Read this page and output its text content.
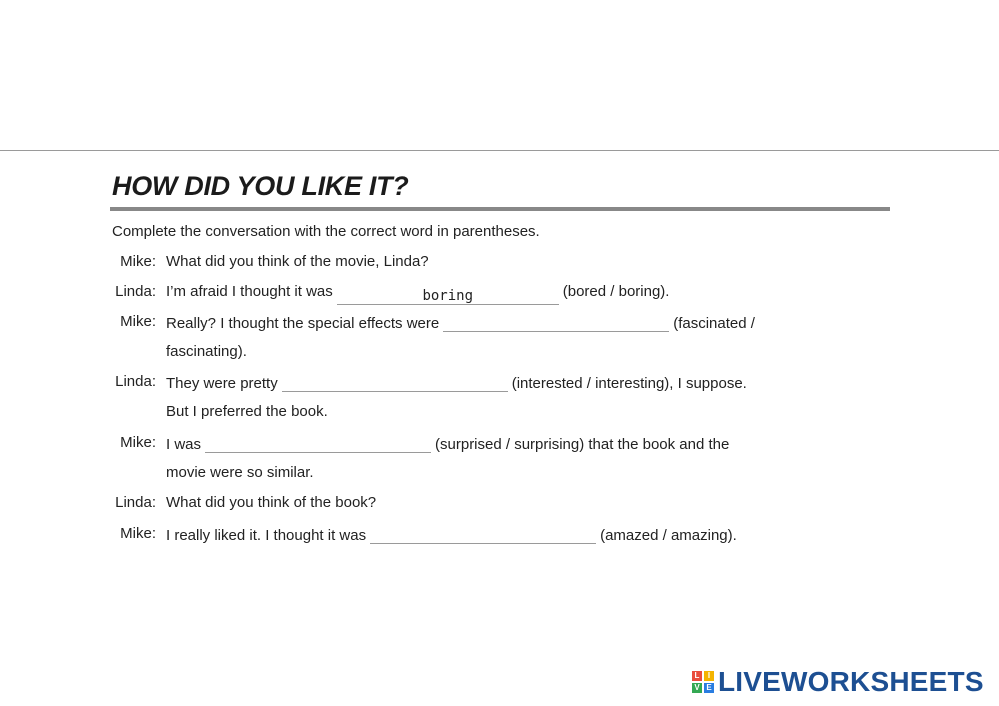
HOW DID YOU LIKE IT?
Complete the conversation with the correct word in parentheses.
Mike: What did you think of the movie, Linda?
Linda: I’m afraid I thought it was	boring	(bored / boring).
Mike: Really? I thought the special effects were	(fascinated /
fascinating).
Linda: They were pretty	(interested / interesting), I suppose.
But I preferred the book.
Mike: I was	(surprised / surprising) that the book and the
movie were so similar.
Linda: What did you think of the book?
Mike: I really liked it. I thought it was	(amazed / amazing).
L	I
V E LIVEWORKSHEETS
